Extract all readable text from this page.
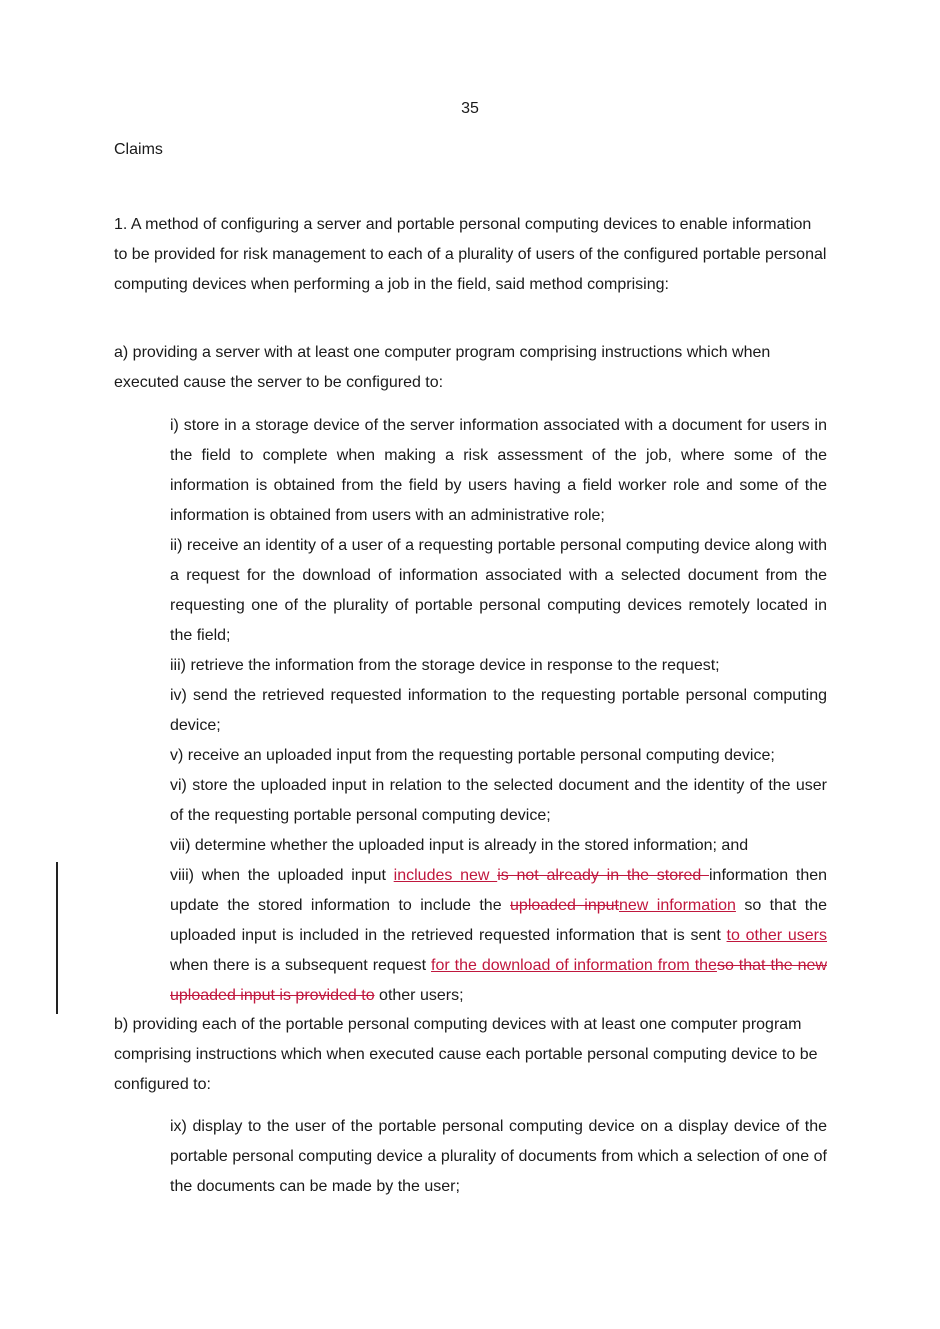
35
Claims

1. A method of configuring a server and portable personal computing devices to enable information to be provided for risk management to each of a plurality of users of the configured portable personal computing devices when performing a job in the field, said method comprising:

a) providing a server with at least one computer program comprising instructions which when executed cause the server to be configured to:

i) store in a storage device of the server information associated with a document for users in the field to complete when making a risk assessment of the job, where some of the information is obtained from the field by users having a field worker role and some of the information is obtained from users with an administrative role;

ii) receive an identity of a user of a requesting portable personal computing device along with a request for the download of information associated with a selected document from the requesting one of the plurality of portable personal computing devices remotely located in the field;

iii) retrieve the information from the storage device in response to the request;

iv) send the retrieved requested information to the requesting portable personal computing device;

v) receive an uploaded input from the requesting portable personal computing device;

vi) store the uploaded input in relation to the selected document and the identity of the user of the requesting portable personal computing device;

vii) determine whether the uploaded input is already in the stored information; and

viii) when the uploaded input includes new is not already in the stored information then update the stored information to include the uploaded inputnew information so that the uploaded input is included in the retrieved requested information that is sent to other users when there is a subsequent request for the download of information from theso that the new uploaded input is provided to other users;

b) providing each of the portable personal computing devices with at least one computer program comprising instructions which when executed cause each portable personal computing device to be configured to:

ix) display to the user of the portable personal computing device on a display device of the portable personal computing device a plurality of documents from which a selection of one of the documents can be made by the user;
